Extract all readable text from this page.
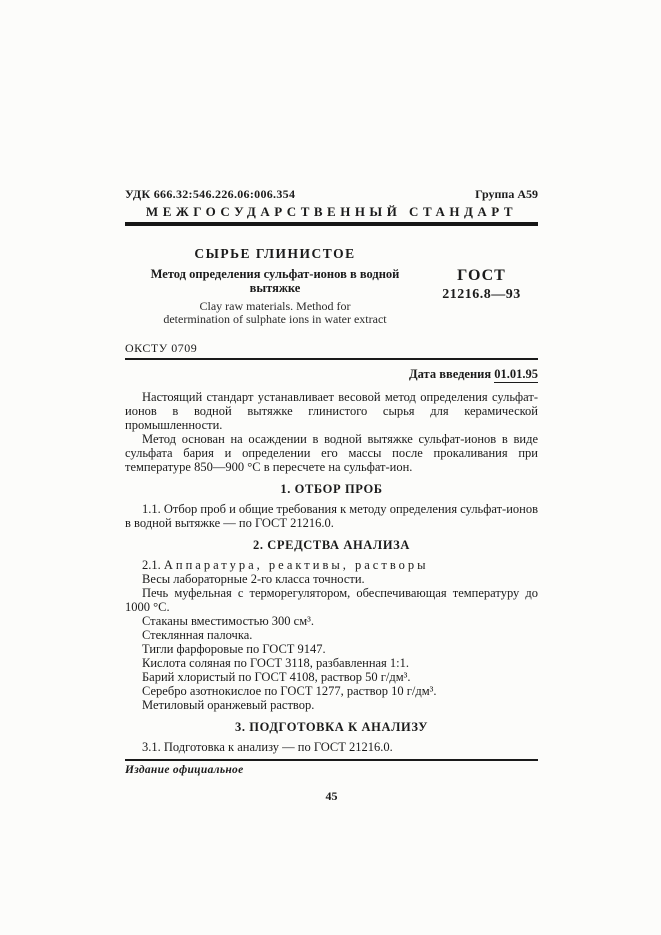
УДК 666.32:546.226.06:006.354	Группа А59
МЕЖГОСУДАРСТВЕННЫЙ СТАНДАРТ
СЫРЬЕ ГЛИНИСТОЕ
Метод определения сульфат-ионов в водной вытяжке
Clay raw materials. Method for
determination of sulphate ions in water extract
ГОСТ
21216.8—93
ОКСТУ 0709
Дата введения 01.01.95

Настоящий стандарт устанавливает весовой метод определения сульфат-ионов в водной вытяжке глинистого сырья для керамической промышленности.

Метод основан на осаждении в водной вытяжке сульфат-ионов в виде сульфата бария и определении его массы после прокаливания при температуре 850—900 °С в пересчете на сульфат-ион.

1. ОТБОР ПРОБ

1.1. Отбор проб и общие требования к методу определения сульфат-ионов в водной вытяжке — по ГОСТ 21216.0.

2. СРЕДСТВА АНАЛИЗА

2.1. Аппаратура, реактивы, растворы

Весы лабораторные 2-го класса точности.

Печь муфельная с терморегулятором, обеспечивающая температуру до 1000 °С.

Стаканы вместимостью 300 см³.

Стеклянная палочка.

Тигли фарфоровые по ГОСТ 9147.

Кислота соляная по ГОСТ 3118, разбавленная 1:1.

Барий хлористый по ГОСТ 4108, раствор 50 г/дм³.

Серебро азотнокислое по ГОСТ 1277, раствор 10 г/дм³.

Метиловый оранжевый раствор.

3. ПОДГОТОВКА К АНАЛИЗУ

3.1. Подготовка к анализу — по ГОСТ 21216.0.

Издание официальное
45
